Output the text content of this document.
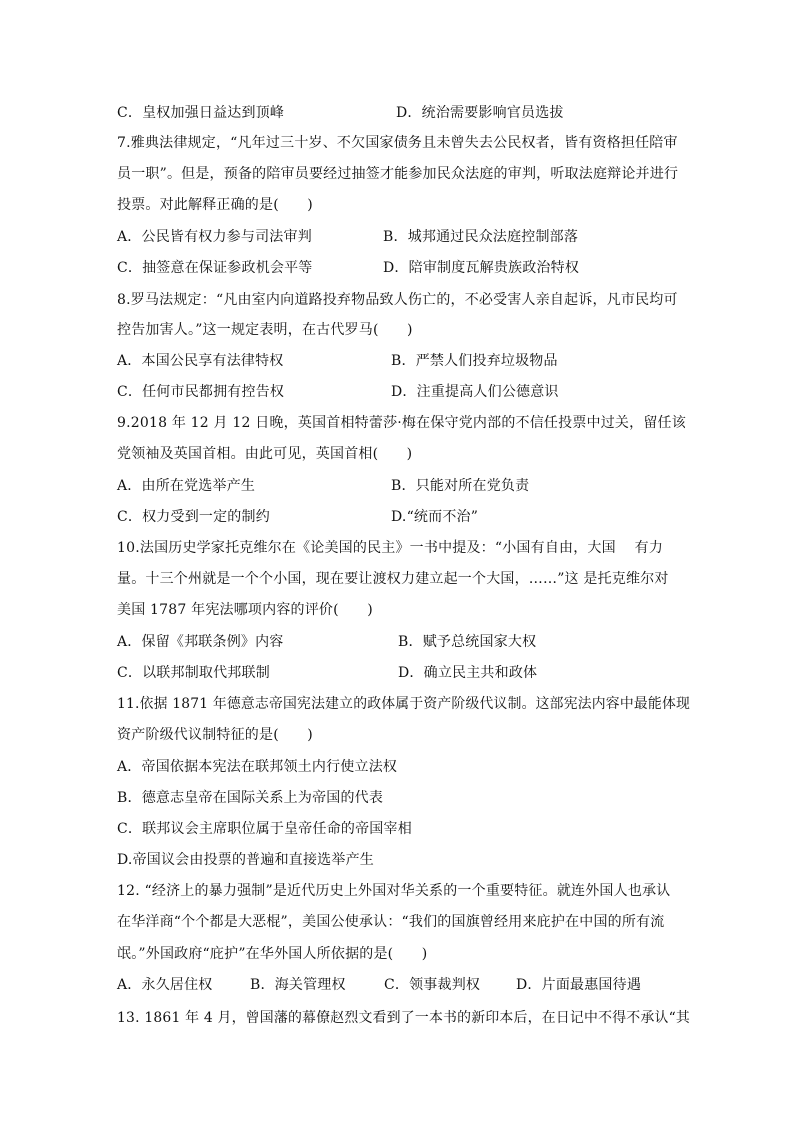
C．皇权加强日益达到顶峰	D．统治需要影响官员选拔
7.雅典法律规定，“凡年过三十岁、不欠国家债务且未曾失去公民权者，皆有资格担任陪审
员一职”。但是，预备的陪审员要经过抽签才能参加民众法庭的审判，听取法庭辩论并进行
投票。对此解释正确的是(　　)
A．公民皆有权力参与司法审判	B．城邦通过民众法庭控制部落
C．抽签意在保证参政机会平等	D．陪审制度瓦解贵族政治特权
8.罗马法规定：“凡由室内向道路投弃物品致人伤亡的，不必受害人亲自起诉，凡市民均可
控告加害人。”这一规定表明，在古代罗马(　　)
A．本国公民享有法律特权	B．严禁人们投弃垃圾物品
C．任何市民都拥有控告权	D．注重提高人们公德意识
9.2018 年 12 月 12 日晚，英国首相特蕾莎·梅在保守党内部的不信任投票中过关，留任该
党领袖及英国首相。由此可见，英国首相(　　)
A．由所在党选举产生	B．只能对所在党负责
C．权力受到一定的制约	D.“统而不治”
10.法国历史学家托克维尔在《论美国的民主》一书中提及：“小国有自由，大国　 有力
量。十三个州就是一个个小国，现在要让渡权力建立起一个大国，……”这 是托克维尔对
美国 1787 年宪法哪项内容的评价(　　)
A．保留《邦联条例》内容	B．赋予总统国家大权
C．以联邦制取代邦联制	D．确立民主共和政体
11.依据 1871 年德意志帝国宪法建立的政体属于资产阶级代议制。这部宪法内容中最能体现
资产阶级代议制特征的是(　　)
A．帝国依据本宪法在联邦领土内行使立法权
B．德意志皇帝在国际关系上为帝国的代表
C．联邦议会主席职位属于皇帝任命的帝国宰相
D.帝国议会由投票的普遍和直接选举产生
12. “经济上的暴力强制”是近代历史上外国对华关系的一个重要特征。就连外国人也承认
在华洋商“个个都是大恶棍”，美国公使承认：“我们的国旗曾经用来庇护在中国的所有流
氓。”外国政府“庇护”在华外国人所依据的是(　　)
A．永久居住权	B．海关管理权	C．领事裁判权	D．片面最惠国待遇
13. 1861 年 4 月，曾国藩的幕僚赵烈文看到了一本书的新印本后，在日记中不得不承认“其
